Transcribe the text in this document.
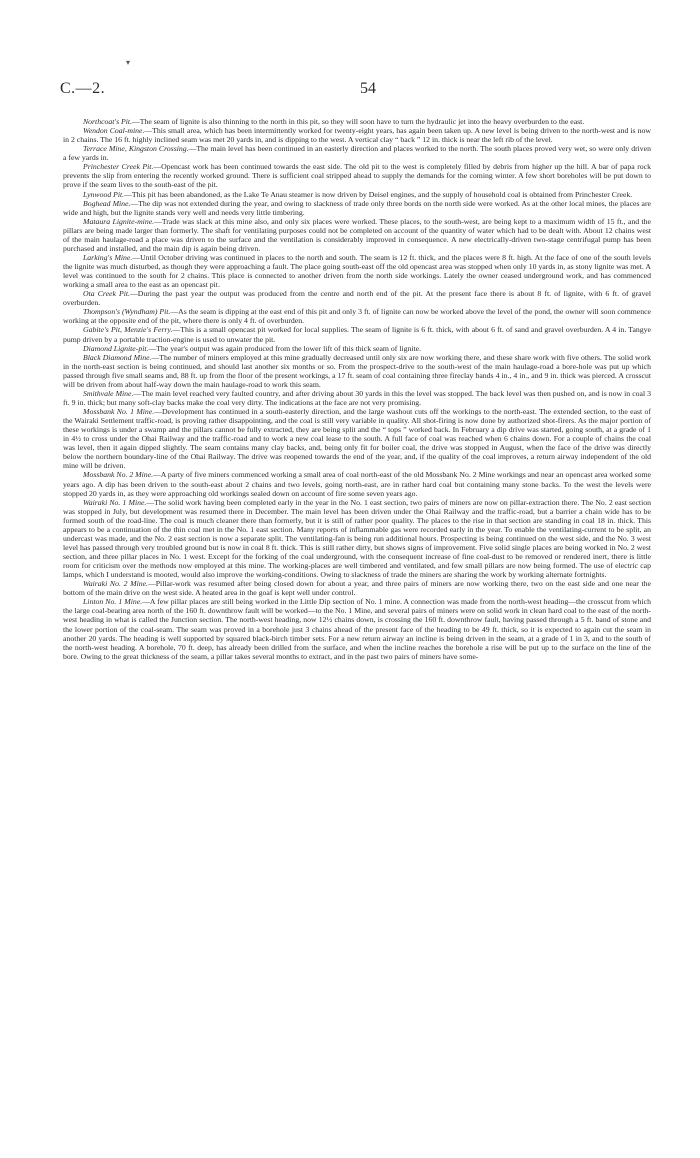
▾
C.—2.	54

Northcoat's Pit.—The seam of lignite is also thinning to the north in this pit, so they will soon have to turn the hydraulic jet into the heavy overburden to the east.

Wendon Coal-mine.—This small area, which has been intermittently worked for twenty-eight years, has again been taken up. A new level is being driven to the north-west and is now in 2 chains. The 16 ft. highly inclined seam was met 20 yards in, and is dipping to the west. A vertical clay “ back ” 12 in. thick is near the left rib of the level.

Terrace Mine, Kingston Crossing.—The main level has been continued in an easterly direction and places worked to the north. The south places proved very wet, so were only driven a few yards in.

Princhester Creek Pit.—Opencast work has been continued towards the east side. The old pit to the west is completely filled by debris from higher up the hill. A bar of papa rock prevents the slip from entering the recently worked ground. There is sufficient coal stripped ahead to supply the demands for the coming winter. A few short boreholes will be put down to prove if the seam lives to the south-east of the pit.

Lynwood Pit.—This pit has been abandoned, as the Lake Te Anau steamer is now driven by Deisel engines, and the supply of household coal is obtained from Princhester Creek.

Boghead Mine.—The dip was not extended during the year, and owing to slackness of trade only three bords on the north side were worked. As at the other local mines, the places are wide and high, but the lignite stands very well and needs very little timbering.

Mataura Lignite-mine.—Trade was slack at this mine also, and only six places were worked. These places, to the south-west, are being kept to a maximum width of 15 ft., and the pillars are being made larger than formerly. The shaft for ventilating purposes could not be completed on account of the quantity of water which had to be dealt with. About 12 chains west of the main haulage-road a place was driven to the surface and the ventilation is considerably improved in consequence. A new electrically-driven two-stage centrifugal pump has been purchased and installed, and the main dip is again being driven.

Larking's Mine.—Until October driving was continued in places to the north and south. The seam is 12 ft. thick, and the places were 8 ft. high. At the face of one of the south levels the lignite was much disturbed, as though they were approaching a fault. The place going south-east off the old opencast area was stopped when only 10 yards in, as stony lignite was met. A level was continued to the south for 2 chains. This place is connected to another driven from the north side workings. Lately the owner ceased underground work, and has commenced working a small area to the east as an opencast pit.

Ota Creek Pit.—During the past year the output was produced from the centre and north end of the pit. At the present face there is about 8 ft. of lignite, with 6 ft. of gravel overburden.

Thompson's (Wyndham) Pit.—As the seam is dipping at the east end of this pit and only 3 ft. of lignite can now be worked above the level of the pond, the owner will soon commence working at the opposite end of the pit, where there is only 4 ft. of overburden.

Gabite's Pit, Menzie's Ferry.—This is a small opencast pit worked for local supplies. The seam of lignite is 6 ft. thick, with about 6 ft. of sand and gravel overburden. A 4 in. Tangye pump driven by a portable traction-engine is used to unwater the pit.

Diamond Lignite-pit.—The year's output was again produced from the lower lift of this thick seam of lignite.

Black Diamond Mine.—The number of miners employed at this mine gradually decreased until only six are now working there, and these share work with five others. The solid work in the north-east section is being continued, and should last another six months or so. From the prospect-drive to the south-west of the main haulage-road a bore-hole was put up which passed through five small seams and, 88 ft. up from the floor of the present workings, a 17 ft. seam of coal containing three fireclay bands 4 in., 4 in., and 9 in. thick was pierced. A crosscut will be driven from about half-way down the main haulage-road to work this seam.

Smithvale Mine.—The main level reached very faulted country, and after driving about 30 yards in this the level was stopped. The back level was then pushed on, and is now in coal 3 ft. 9 in. thick; but many soft-clay backs make the coal very dirty. The indications at the face are not very promising.

Mossbank No. 1 Mine.—Development has continued in a south-easterly direction, and the large washout cuts off the workings to the north-east. The extended section, to the east of the Wairaki Settlement traffic-road, is proving rather disappointing, and the coal is still very variable in quality. All shot-firing is now done by authorized shot-firers. As the major portion of these workings is under a swamp and the pillars cannot be fully extracted, they are being split and the “ tops ” worked back. In February a dip drive was started, going south, at a grade of 1 in 4½ to cross under the Ohai Railway and the traffic-road and to work a new coal lease to the south. A full face of coal was reached when 6 chains down. For a couple of chains the coal was level, then it again dipped slightly. The seam contains many clay backs, and, being only fit for boiler coal, the drive was stopped in August, when the face of the drive was directly below the northern boundary-line of the Ohai Railway. The drive was reopened towards the end of the year, and, if the quality of the coal improves, a return airway independent of the old mine will be driven.

Mossbank No. 2 Mine.—A party of five miners commenced working a small area of coal north-east of the old Mossbank No. 2 Mine workings and near an opencast area worked some years ago. A dip has been driven to the south-east about 2 chains and two levels, going north-east, are in rather hard coal but containing many stone backs. To the west the levels were stopped 20 yards in, as they were approaching old workings sealed down on account of fire some seven years ago.

Wairaki No. 1 Mine.—The solid work having been completed early in the year in the No. 1 east section, two pairs of miners are now on pillar-extraction there. The No. 2 east section was stopped in July, but development was resumed there in December. The main level has been driven under the Ohai Railway and the traffic-road, but a barrier a chain wide has to be formed south of the road-line. The coal is much cleaner there than formerly, but it is still of rather poor quality. The places to the rise in that section are standing in coal 18 in. thick. This appears to be a continuation of the thin coal met in the No. 1 east section. Many reports of inflammable gas were recorded early in the year. To enable the ventilating-current to be split, an undercast was made, and the No. 2 east section is now a separate split. The ventilating-fan is being run additional hours. Prospecting is being continued on the west side, and the No. 3 west level has passed through very troubled ground but is now in coal 8 ft. thick. This is still rather dirty, but shows signs of improvement. Five solid single places are being worked in No. 2 west section, and three pillar places in No. 1 west. Except for the forking of the coal underground, with the consequent increase of fine coal-dust to be removed or rendered inert, there is little room for criticism over the methods now employed at this mine. The working-places are well timbered and ventilated, and few small pillars are now being formed. The use of electric cap lamps, which I understand is mooted, would also improve the working-conditions. Owing to slackness of trade the miners are sharing the work by working alternate fortnights.

Wairaki No. 2 Mine.—Pillar-work was resumed after being closed down for about a year, and three pairs of miners are now working there, two on the east side and one near the bottom of the main drive on the west side. A heated area in the goaf is kept well under control.

Linton No. 1 Mine.—A few pillar places are still being worked in the Little Dip section of No. 1 mine. A connection was made from the north-west heading—the crosscut from which the large coal-bearing area north of the 160 ft. downthrow fault will be worked—to the No. 1 Mine, and several pairs of miners were on solid work in clean hard coal to the east of the north-west heading in what is called the Junction section. The north-west heading, now 12½ chains down, is crossing the 160 ft. downthrow fault, having passed through a 5 ft. band of stone and the lower portion of the coal-seam. The seam was proved in a borehole just 3 chains ahead of the present face of the heading to be 49 ft. thick, so it is expected to again cut the seam in another 20 yards. The heading is well supported by squared black-birch timber sets. For a new return airway an incline is being driven in the seam, at a grade of 1 in 3, and to the south of the north-west heading. A borehole, 70 ft. deep, has already been drilled from the surface, and when the incline reaches the borehole a rise will be put up to the surface on the line of the bore. Owing to the great thickness of the seam, a pillar takes several months to extract, and in the past two pairs of miners have some-
